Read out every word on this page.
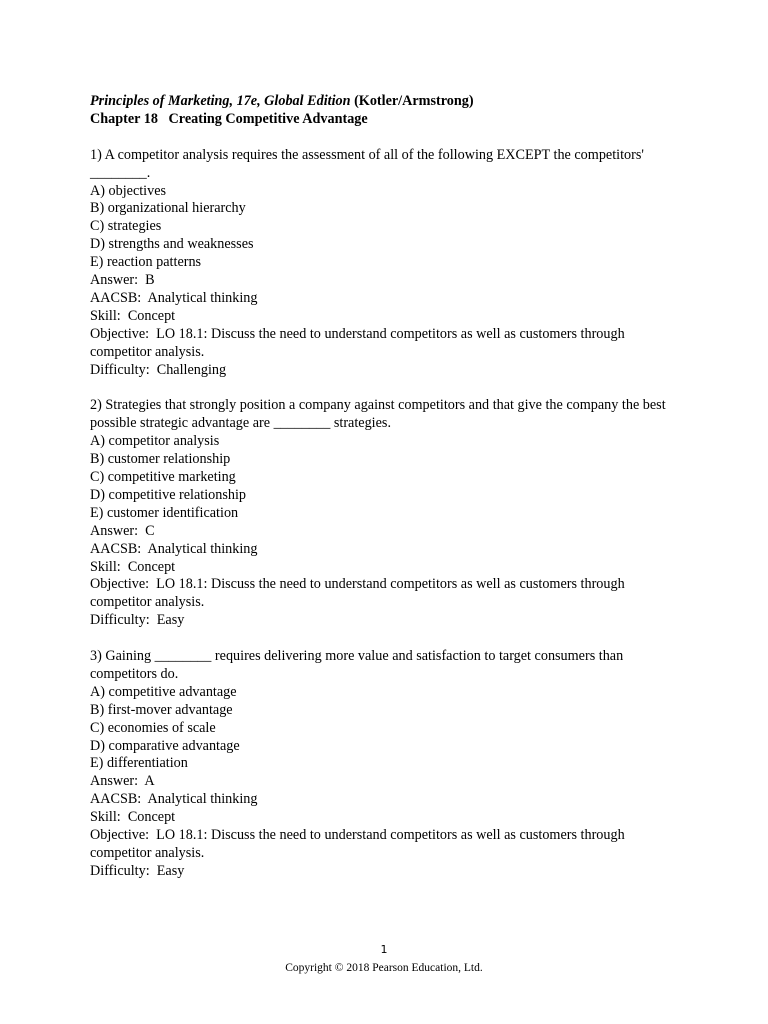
Principles of Marketing, 17e, Global Edition (Kotler/Armstrong)
Chapter 18   Creating Competitive Advantage
1) A competitor analysis requires the assessment of all of the following EXCEPT the competitors' ________.
A) objectives
B) organizational hierarchy
C) strategies
D) strengths and weaknesses
E) reaction patterns
Answer:  B
AACSB:  Analytical thinking
Skill:  Concept
Objective:  LO 18.1: Discuss the need to understand competitors as well as customers through competitor analysis.
Difficulty:  Challenging
2) Strategies that strongly position a company against competitors and that give the company the best possible strategic advantage are ________ strategies.
A) competitor analysis
B) customer relationship
C) competitive marketing
D) competitive relationship
E) customer identification
Answer:  C
AACSB:  Analytical thinking
Skill:  Concept
Objective:  LO 18.1: Discuss the need to understand competitors as well as customers through competitor analysis.
Difficulty:  Easy
3) Gaining ________ requires delivering more value and satisfaction to target consumers than competitors do.
A) competitive advantage
B) first-mover advantage
C) economies of scale
D) comparative advantage
E) differentiation
Answer:  A
AACSB:  Analytical thinking
Skill:  Concept
Objective:  LO 18.1: Discuss the need to understand competitors as well as customers through competitor analysis.
Difficulty:  Easy
1
Copyright © 2018 Pearson Education, Ltd.
